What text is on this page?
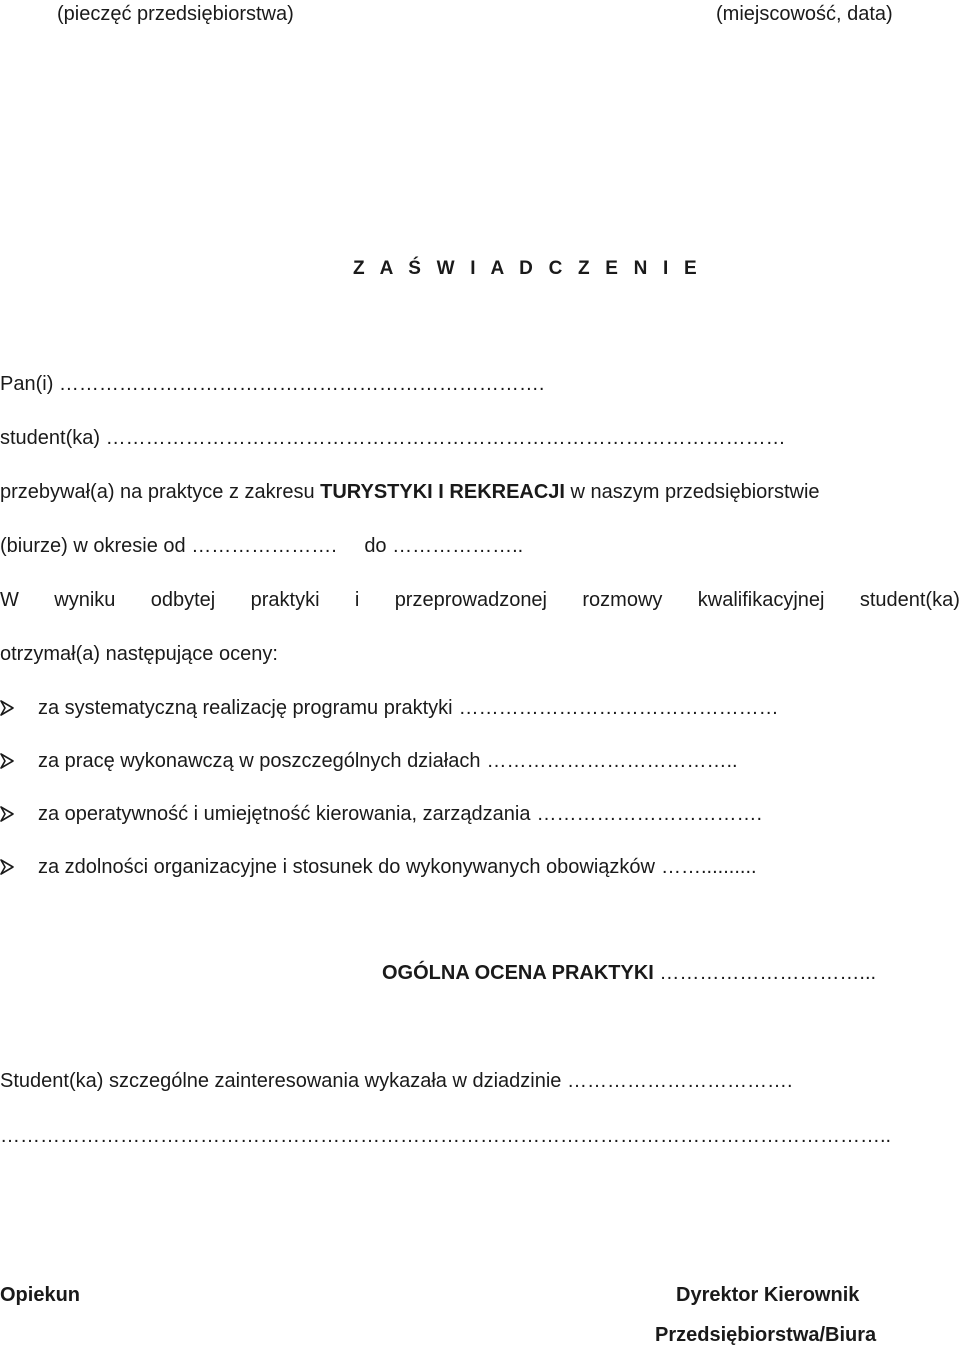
(pieczęć przedsiębiorstwa)	(miejscowość, data)
Z A Ś W I A D C Z E N I E
Pan(i) ……………………………………………………………….
student(ka) …………………………………………………………………………………………
przebywał(a) na praktyce z zakresu TURYSTYKI I REKREACJI w naszym przedsiębiorstwie
(biurze) w okresie od …………………. do ………………..
W wyniku odbytej praktyki i przeprowadzonej rozmowy kwalifikacyjnej student(ka)
otrzymał(a) następujące oceny:
za systematyczną realizację programu praktyki …………………………………………
za pracę wykonawczą w poszczególnych działach ………………………………..
za operatywność i umiejętność kierowania, zarządzania …………………………….
za zdolności organizacyjne i stosunek do wykonywanych obowiązków ……..........
OGÓLNA OCENA PRAKTYKI …………………………...
Student(ka) szczególne zainteresowania wykazała w dziadzinie …………………………….
……………………………………………………………………………………………………………………..
Opiekun	Dyrektor Kierownik
Przedsiębiorstwa/Biura
